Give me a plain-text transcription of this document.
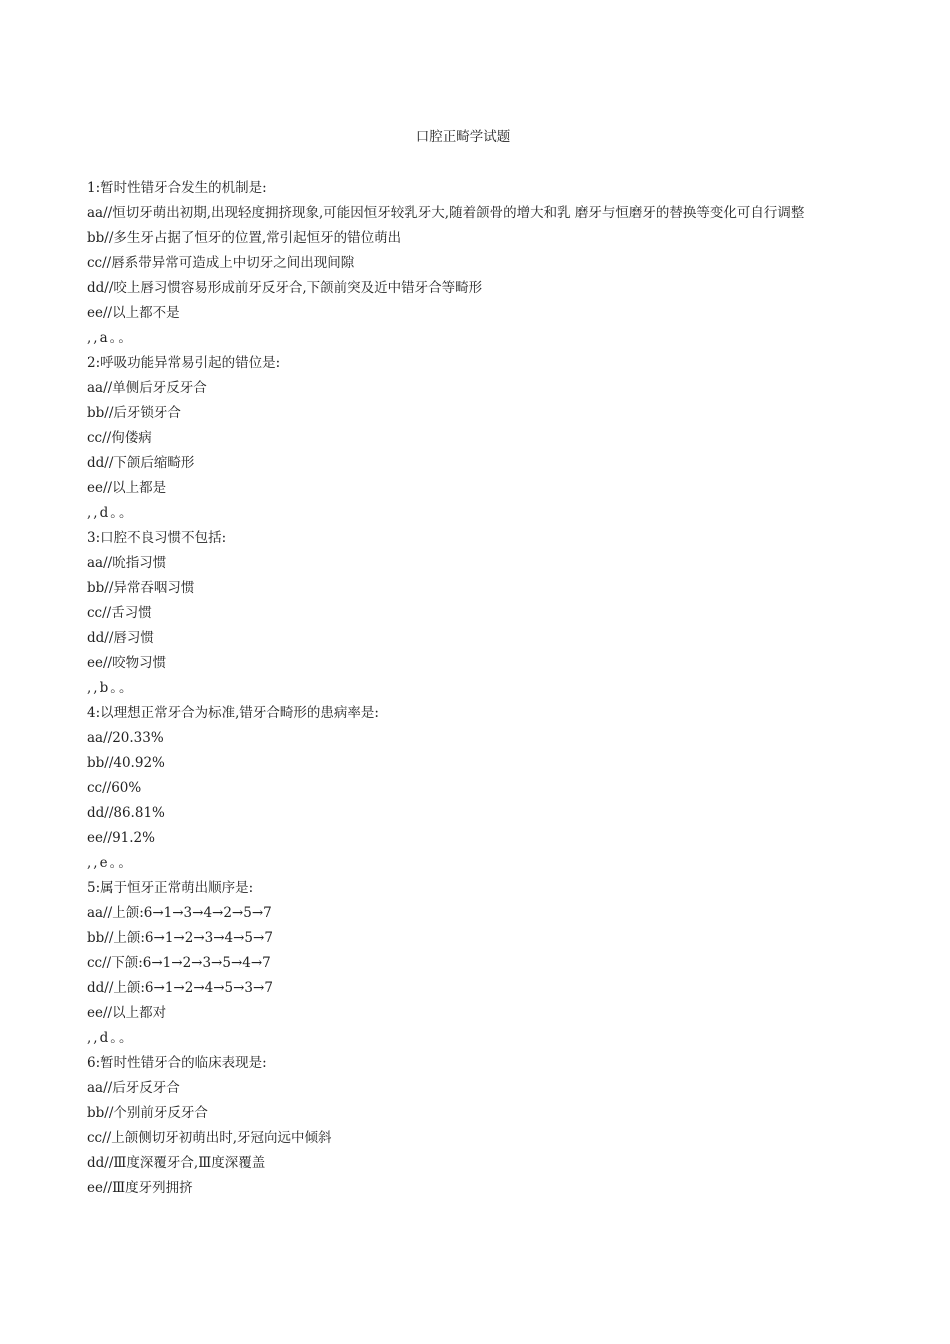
口腔正畸学试题
1:暂时性错牙合发生的机制是:
aa//恒切牙萌出初期,出现轻度拥挤现象,可能因恒牙较乳牙大,随着颌骨的增大和乳 磨牙与恒磨牙的替换等变化可自行调整
bb//多生牙占据了恒牙的位置,常引起恒牙的错位萌出
cc//唇系带异常可造成上中切牙之间出现间隙
dd//咬上唇习惯容易形成前牙反牙合,下颌前突及近中错牙合等畸形
ee//以上都不是
,,a。。
2:呼吸功能异常易引起的错位是:
aa//单侧后牙反牙合
bb//后牙锁牙合
cc//佝偻病
dd//下颌后缩畸形
ee//以上都是
,,d。。
3:口腔不良习惯不包括:
aa//吮指习惯
bb//异常吞咽习惯
cc//舌习惯
dd//唇习惯
ee//咬物习惯
,,b。。
4:以理想正常牙合为标准,错牙合畸形的患病率是:
aa//20.33%
bb//40.92%
cc//60%
dd//86.81%
ee//91.2%
,,e。。
5:属于恒牙正常萌出顺序是:
aa//上颌:6→1→3→4→2→5→7
bb//上颌:6→1→2→3→4→5→7
cc//下颌:6→1→2→3→5→4→7
dd//上颌:6→1→2→4→5→3→7
ee//以上都对
,,d。。
6:暂时性错牙合的临床表现是:
aa//后牙反牙合
bb//个别前牙反牙合
cc//上颌侧切牙初萌出时,牙冠向远中倾斜
dd//Ⅲ度深覆牙合,Ⅲ度深覆盖
ee//Ⅲ度牙列拥挤
